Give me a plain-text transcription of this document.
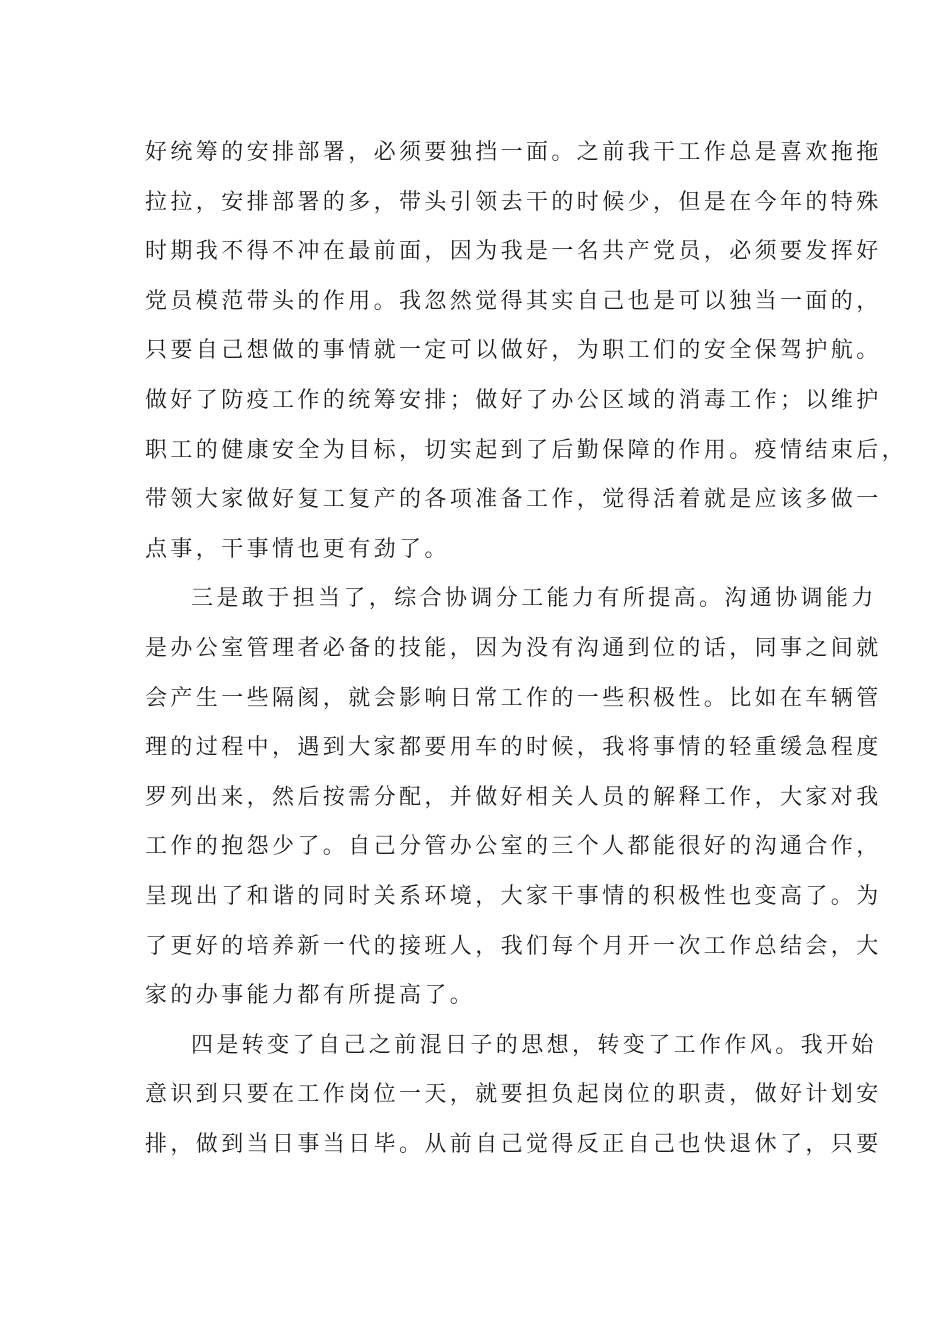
好统筹的安排部署，必须要独挡一面。之前我干工作总是喜欢拖拖
拉拉，安排部署的多，带头引领去干的时候少，但是在今年的特殊
时期我不得不冲在最前面，因为我是一名共产党员，必须要发挥好
党员模范带头的作用。我忽然觉得其实自己也是可以独当一面的，
只要自己想做的事情就一定可以做好，为职工们的安全保驾护航。
做好了防疫工作的统筹安排；做好了办公区域的消毒工作；以维护
职工的健康安全为目标，切实起到了后勤保障的作用。疫情结束后，
带领大家做好复工复产的各项准备工作，觉得活着就是应该多做一
点事，干事情也更有劲了。
三是敢于担当了，综合协调分工能力有所提高。沟通协调能力
是办公室管理者必备的技能，因为没有沟通到位的话，同事之间就
会产生一些隔阂，就会影响日常工作的一些积极性。比如在车辆管
理的过程中，遇到大家都要用车的时候，我将事情的轻重缓急程度
罗列出来，然后按需分配，并做好相关人员的解释工作，大家对我
工作的抱怨少了。自己分管办公室的三个人都能很好的沟通合作，
呈现出了和谐的同时关系环境，大家干事情的积极性也变高了。为
了更好的培养新一代的接班人，我们每个月开一次工作总结会，大
家的办事能力都有所提高了。
四是转变了自己之前混日子的思想，转变了工作作风。我开始
意识到只要在工作岗位一天，就要担负起岗位的职责，做好计划安
排，做到当日事当日毕。从前自己觉得反正自己也快退休了，只要
